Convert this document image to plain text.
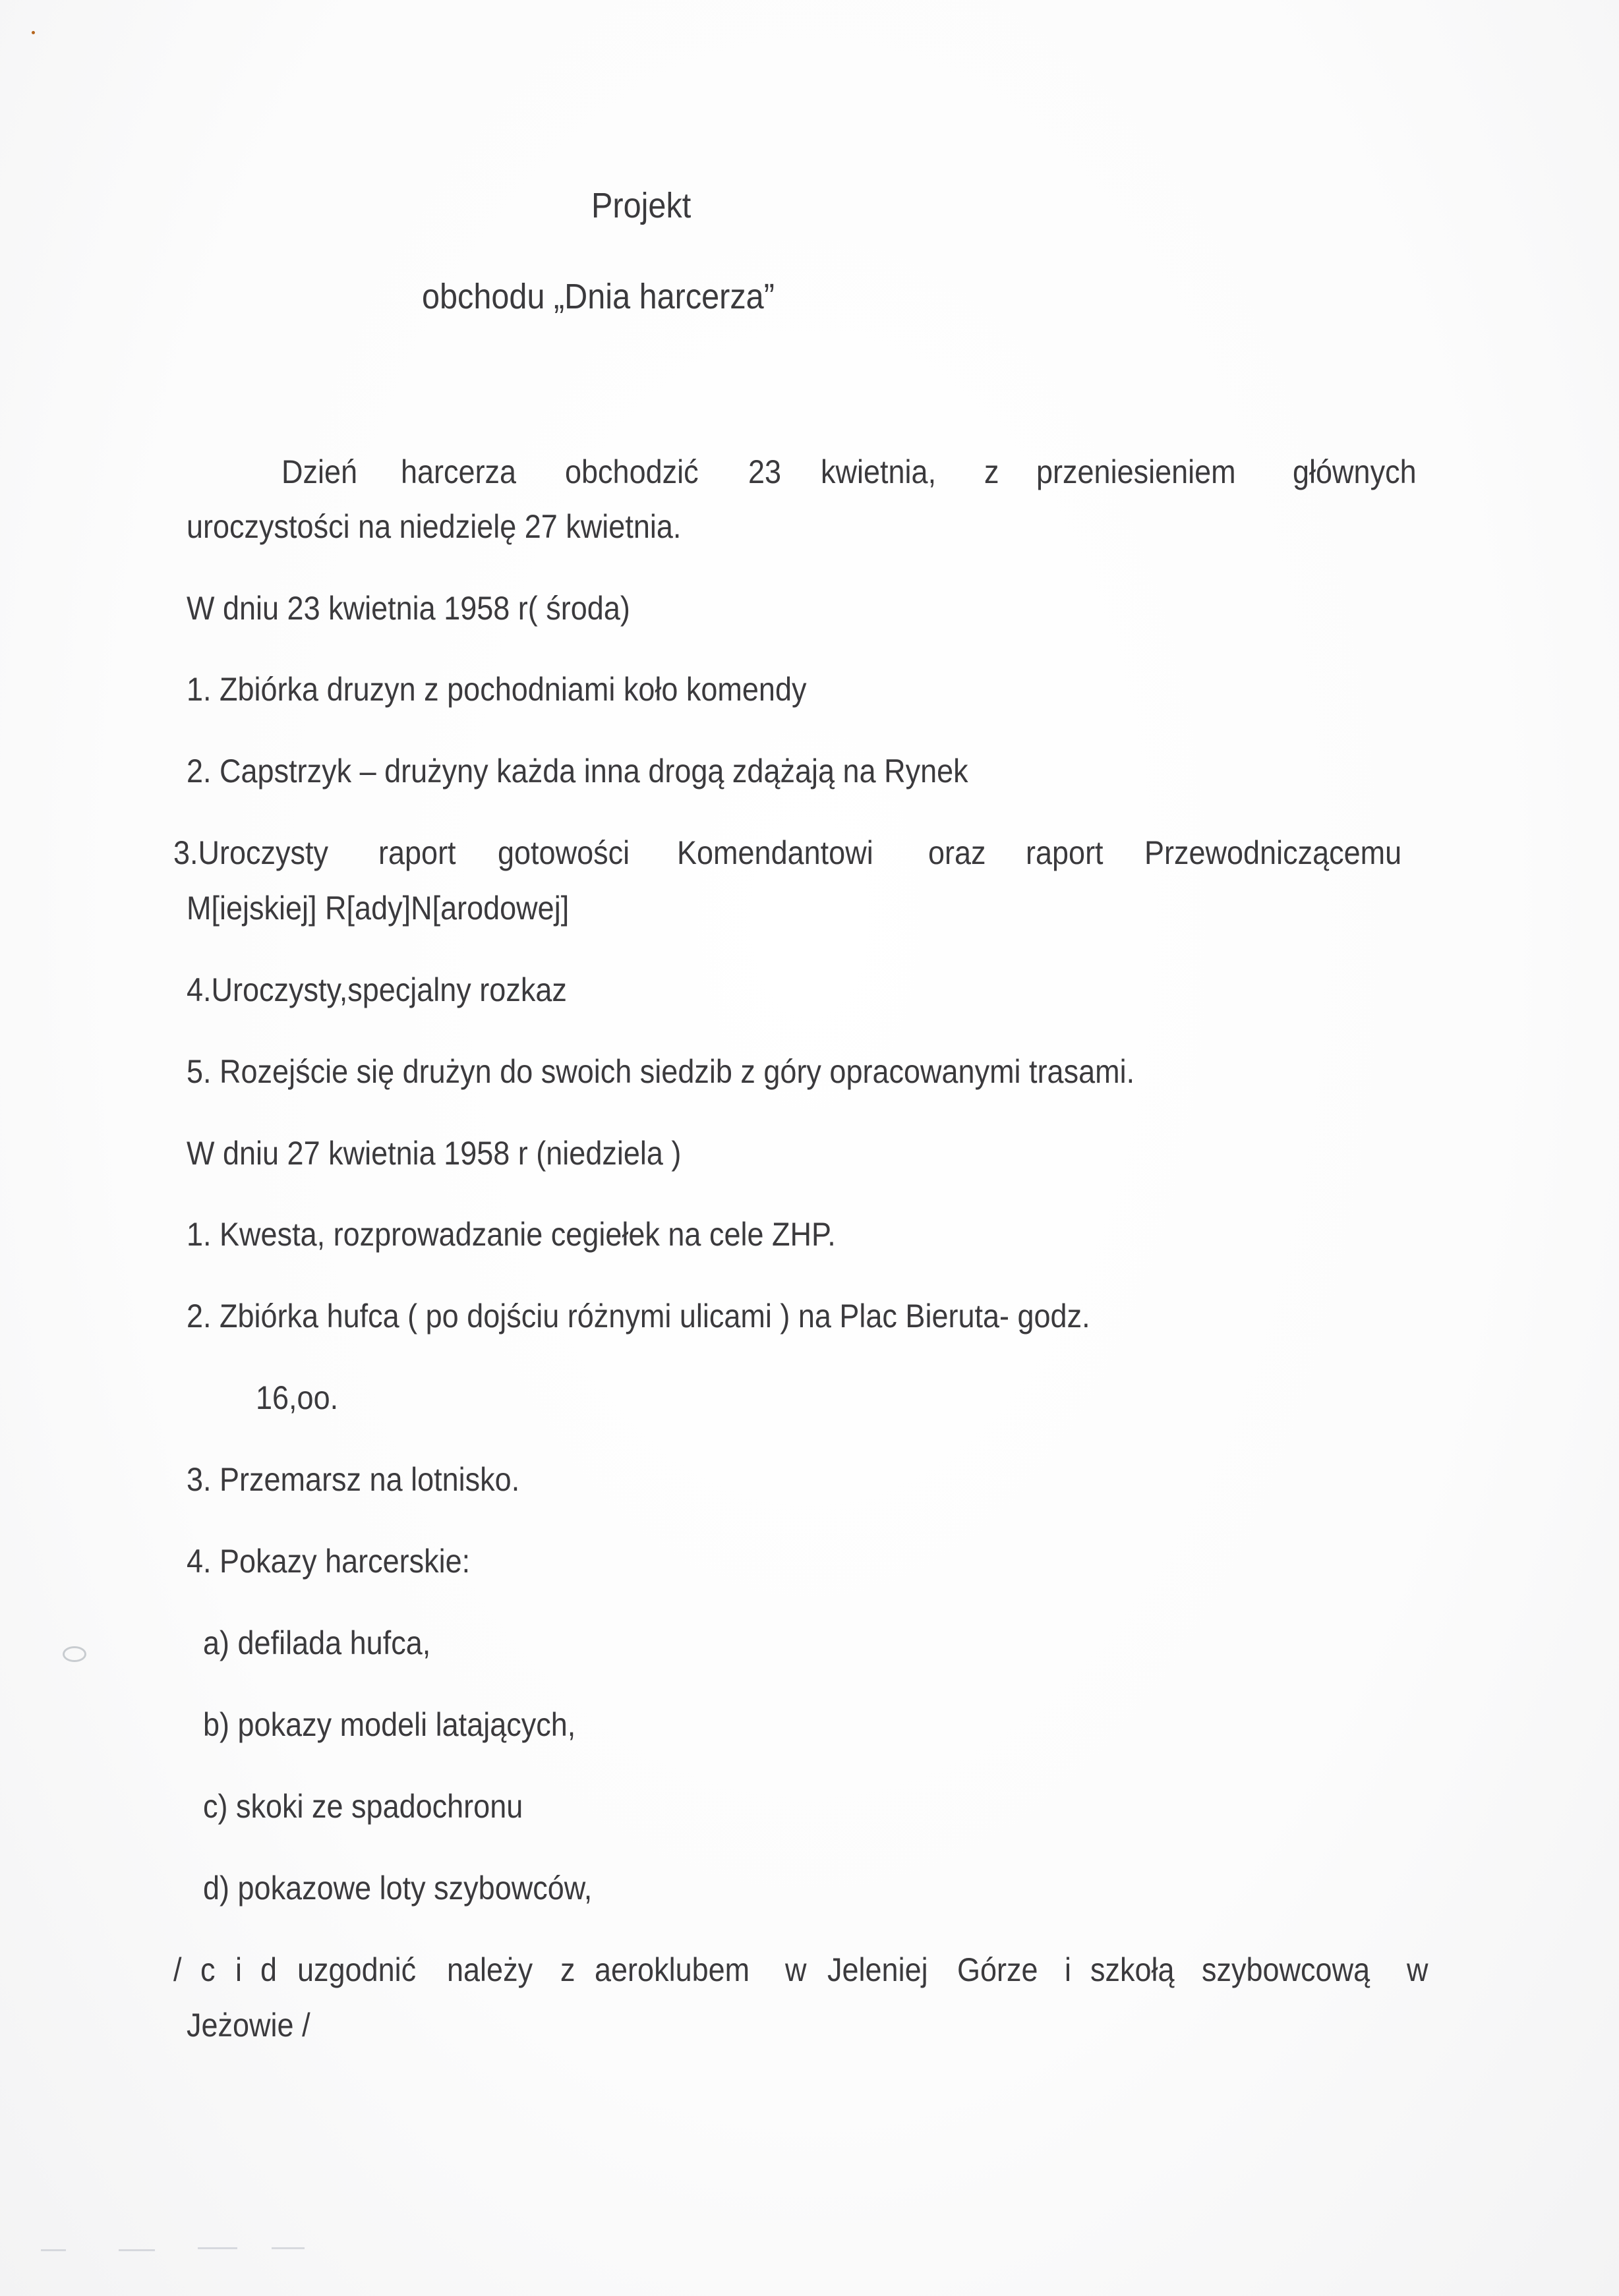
Projekt
obchodu „Dnia harcerza”
Dzień harcerza obchodzić 23 kwietnia, z przeniesieniem głównych
uroczystości na niedzielę 27 kwietnia.
W dniu 23 kwietnia 1958 r( środa)
1. Zbiórka druzyn z pochodniami koło komendy
2. Capstrzyk – drużyny każda inna drogą zdążają na Rynek
3.Uroczysty raport gotowości Komendantowi oraz raport Przewodniczącemu
M[iejskiej] R[ady]N[arodowej]
4.Uroczysty,specjalny rozkaz
5. Rozejście się drużyn do swoich siedzib z góry opracowanymi trasami.
W dniu 27 kwietnia 1958 r (niedziela )
1. Kwesta, rozprowadzanie cegiełek na cele ZHP.
2. Zbiórka hufca ( po dojściu różnymi ulicami ) na Plac Bieruta- godz.
16,oo.
3. Przemarsz na lotnisko.
4. Pokazy harcerskie:
a) defilada hufca,
b) pokazy modeli latających,
c) skoki ze spadochronu
d) pokazowe loty szybowców,
/ c i d uzgodnić należy z aeroklubem w Jeleniej Górze i szkołą szybowcową w
Jeżowie /
